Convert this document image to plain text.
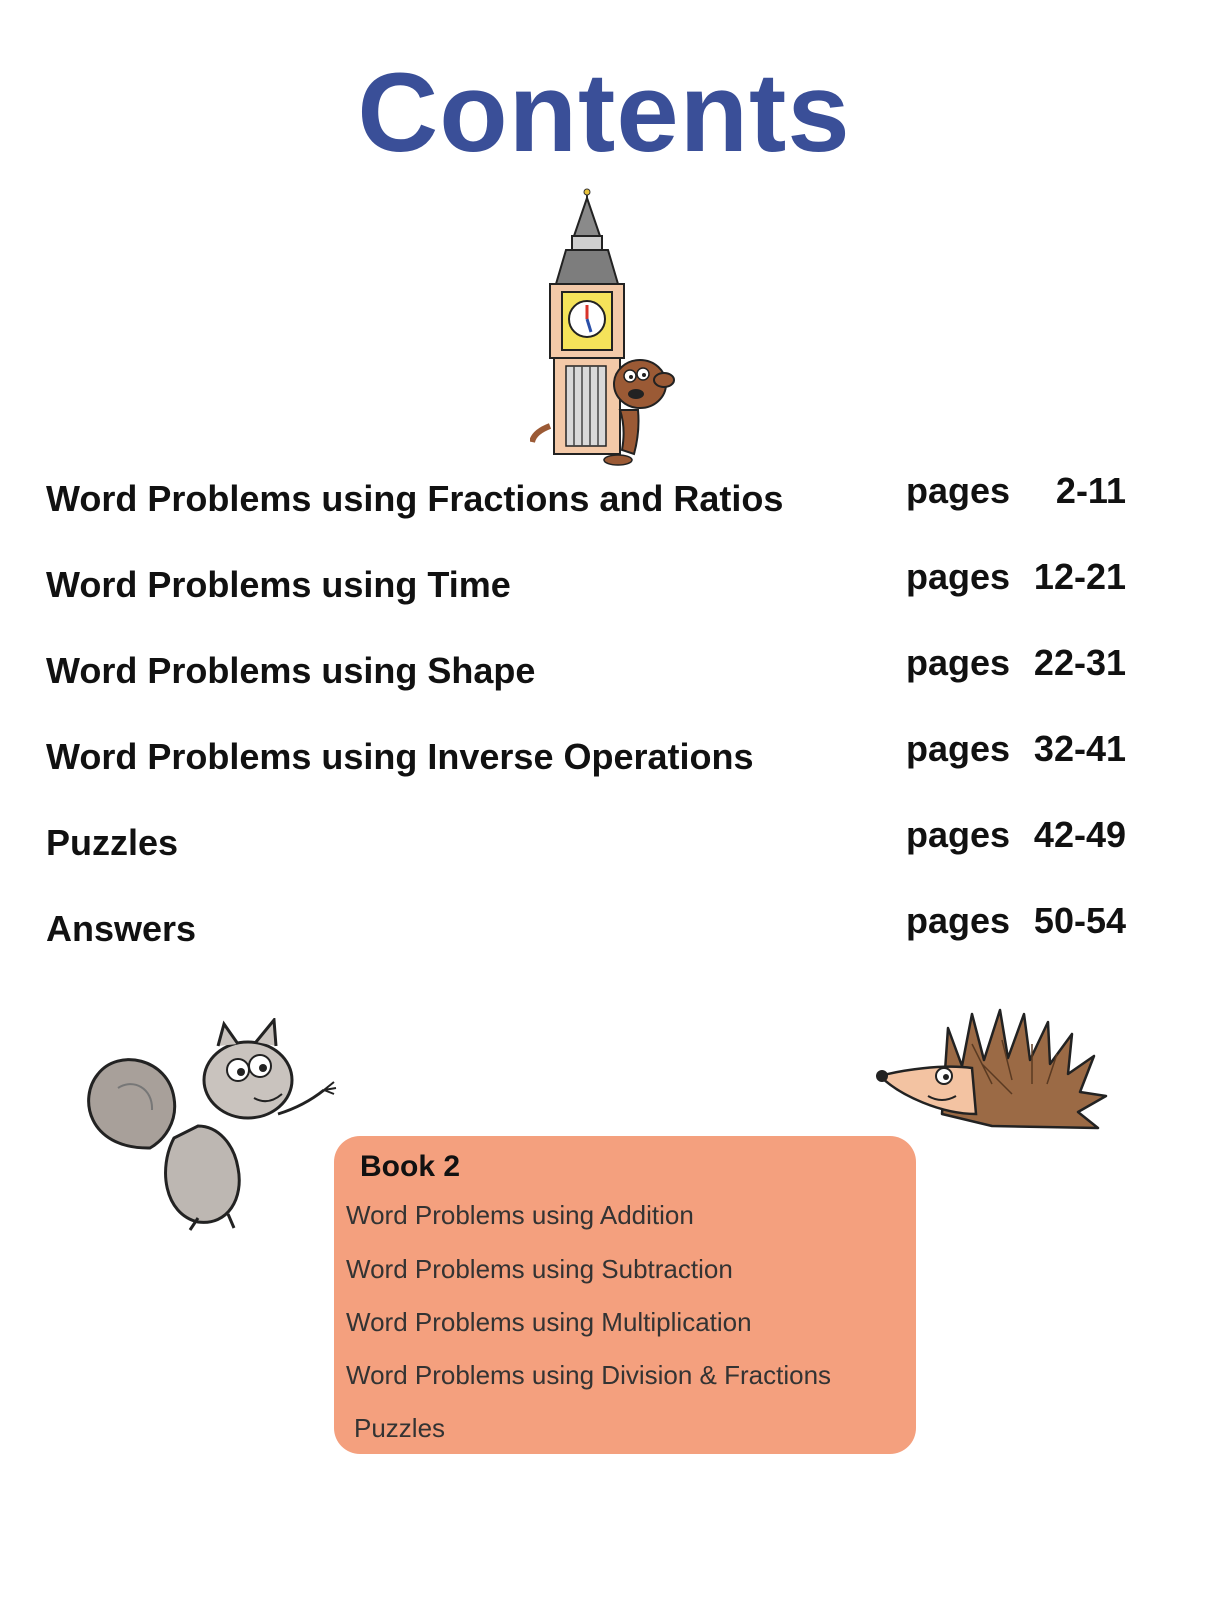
Contents
Word Problems using Fractions and Ratios	pages 2-11
Word Problems using Time	pages 12-21
Word Problems using Shape	pages 22-31
Word Problems using Inverse Operations	pages 32-41
Puzzles	pages 42-49
Answers	pages 50-54
Book 2
Word Problems using Addition
Word Problems using Subtraction
Word Problems using Multiplication
Word Problems using Division & Fractions
Puzzles
